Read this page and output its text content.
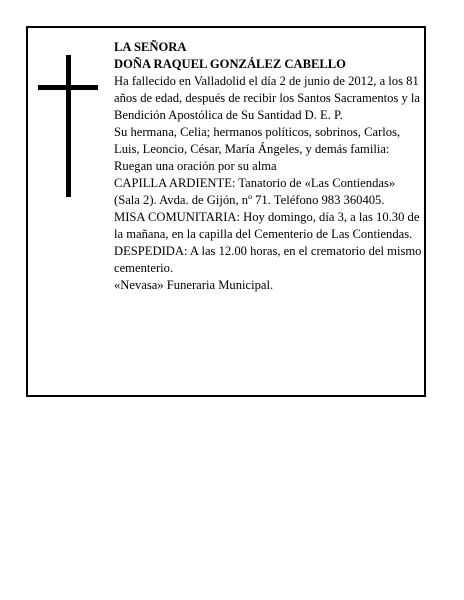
LA SEÑORA

DOÑA RAQUEL GONZÁLEZ CABELLO

Ha fallecido en Valladolid el día 2 de junio de 2012, a los 81 años de edad, después de recibir los Santos Sacramentos y la Bendición Apostólica de Su Santidad D. E. P.

Su hermana, Celia; hermanos políticos, sobrinos, Carlos, Luis, Leoncio, César, María Ángeles, y demás familia:

Ruegan una oración por su alma

CAPILLA ARDIENTE: Tanatorio de «Las Contiendas» (Sala 2). Avda. de Gijón, nº 71. Teléfono 983 360405.

MISA COMUNITARIA: Hoy domingo, día 3, a las 10.30 de la mañana, en la capilla del Cementerio de Las Contiendas.

DESPEDIDA: A las 12.00 horas, en el crematorio del mismo cementerio.

«Nevasa» Funeraria Municipal.
